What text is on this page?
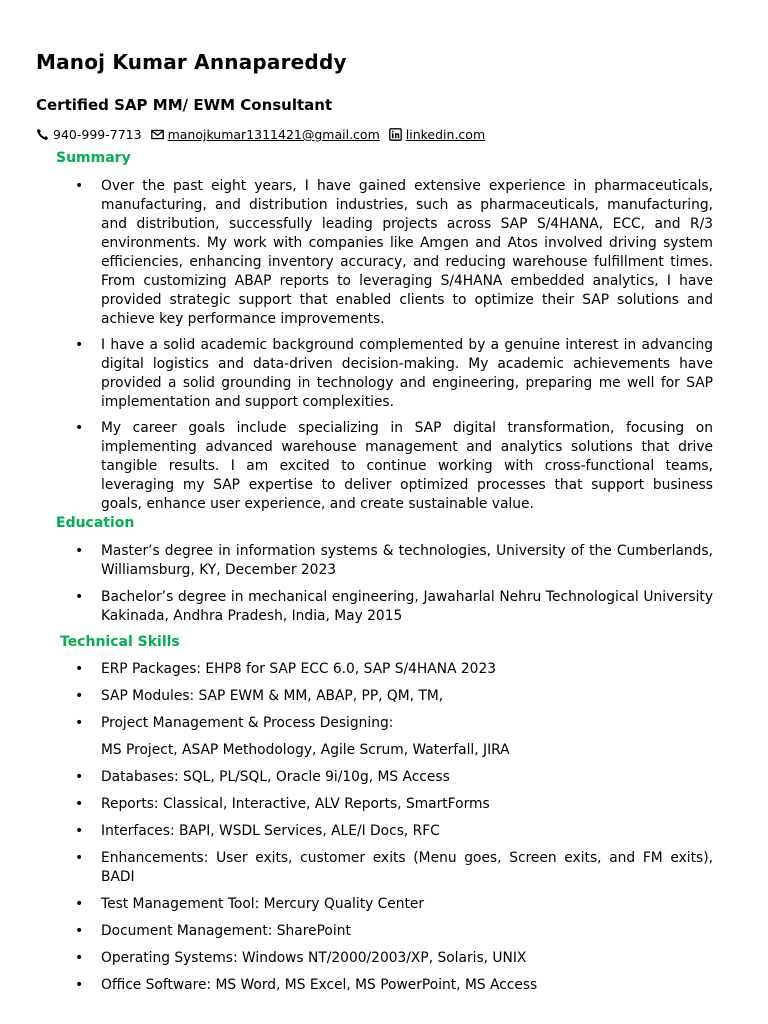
Manoj Kumar Annapareddy
Certified SAP MM/ EWM Consultant
940-999-7713 manojkumar1311421@gmail.com linkedin.com
Summary
• Over the past eight years, I have gained extensive experience in pharmaceuticals, manufacturing, and distribution industries, such as pharmaceuticals, manufacturing, and distribution, successfully leading projects across SAP S/4HANA, ECC, and R/3 environments. My work with companies like Amgen and Atos involved driving system efficiencies, enhancing inventory accuracy, and reducing warehouse fulfillment times. From customizing ABAP reports to leveraging S/4HANA embedded analytics, I have provided strategic support that enabled clients to optimize their SAP solutions and achieve key performance improvements.
• I have a solid academic background complemented by a genuine interest in advancing digital logistics and data-driven decision-making. My academic achievements have provided a solid grounding in technology and engineering, preparing me well for SAP implementation and support complexities.
• My career goals include specializing in SAP digital transformation, focusing on implementing advanced warehouse management and analytics solutions that drive tangible results. I am excited to continue working with cross-functional teams, leveraging my SAP expertise to deliver optimized processes that support business goals, enhance user experience, and create sustainable value.
Education
• Master’s degree in information systems & technologies, University of the Cumberlands, Williamsburg, KY, December 2023
• Bachelor’s degree in mechanical engineering, Jawaharlal Nehru Technological University Kakinada, Andhra Pradesh, India, May 2015
Technical Skills
• ERP Packages: EHP8 for SAP ECC 6.0, SAP S/4HANA 2023
• SAP Modules: SAP EWM & MM, ABAP, PP, QM, TM,
• Project Management & Process Designing:
MS Project, ASAP Methodology, Agile Scrum, Waterfall, JIRA
• Databases: SQL, PL/SQL, Oracle 9i/10g, MS Access
• Reports: Classical, Interactive, ALV Reports, SmartForms
• Interfaces: BAPI, WSDL Services, ALE/I Docs, RFC
• Enhancements: User exits, customer exits (Menu goes, Screen exits, and FM exits), BADI
• Test Management Tool: Mercury Quality Center
• Document Management: SharePoint
• Operating Systems: Windows NT/2000/2003/XP, Solaris, UNIX
• Office Software: MS Word, MS Excel, MS PowerPoint, MS Access
